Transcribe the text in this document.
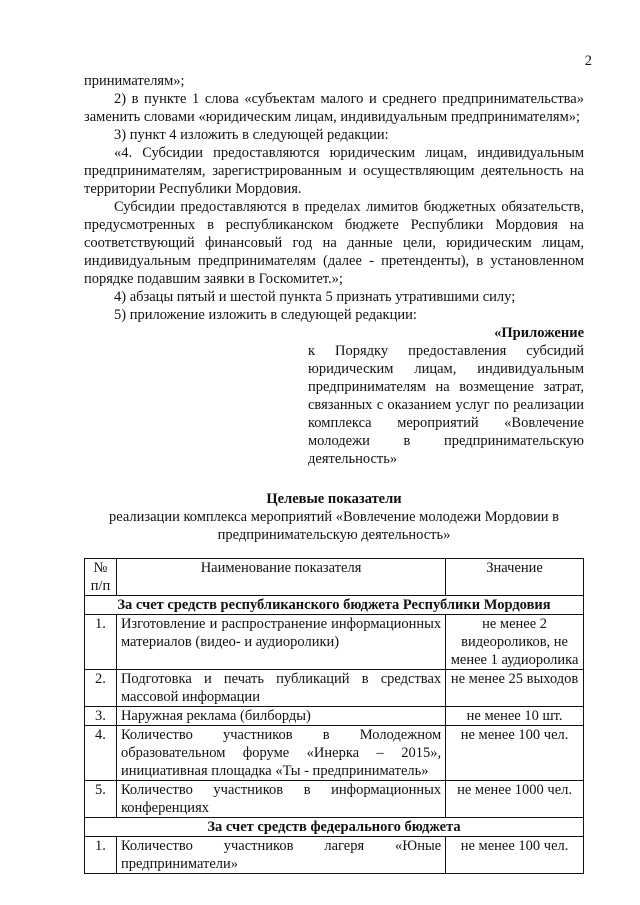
2
принимателям»;
2) в пункте 1 слова «субъектам малого и среднего предпринимательства» заменить словами «юридическим лицам, индивидуальным предпринимателям»;
3) пункт 4 изложить в следующей редакции:
«4. Субсидии предоставляются юридическим лицам, индивидуальным предпринимателям, зарегистрированным и осуществляющим деятельность на территории Республики Мордовия.
Субсидии предоставляются в пределах лимитов бюджетных обязательств, предусмотренных в республиканском бюджете Республики Мордовия на соответствующий финансовый год на данные цели, юридическим лицам, индивидуальным предпринимателям (далее - претенденты), в установленном порядке подавшим заявки в Госкомитет.»;
4) абзацы пятый и шестой пункта 5 признать утратившими силу;
5) приложение изложить в следующей редакции:
«Приложение
к Порядку предоставления субсидий юридическим лицам, индивидуальным предпринимателям на возмещение затрат, связанных с оказанием услуг по реализации комплекса мероприятий «Вовлечение молодежи в предпринимательскую деятельность»
Целевые показатели
реализации комплекса мероприятий «Вовлечение молодежи Мордовии в предпринимательскую деятельность»
№ п/п	Наименование показателя	Значение
За счет средств республиканского бюджета Республики Мордовия		
1.	Изготовление и распространение информационных материалов (видео- и аудиоролики)	не менее 2 видеороликов, не менее 1 аудиоролика
2.	Подготовка и печать публикаций в средствах массовой информации	не менее 25 выходов
3.	Наружная реклама (билборды)	не менее 10 шт.
4.	Количество участников в Молодежном образовательном форуме «Инерка – 2015», инициативная площадка «Ты - предприниматель»	не менее 100 чел.
5.	Количество участников в информационных конференциях	не менее 1000 чел.
За счет средств федерального бюджета		
1.	Количество участников лагеря «Юные предприниматели»	не менее 100 чел.
